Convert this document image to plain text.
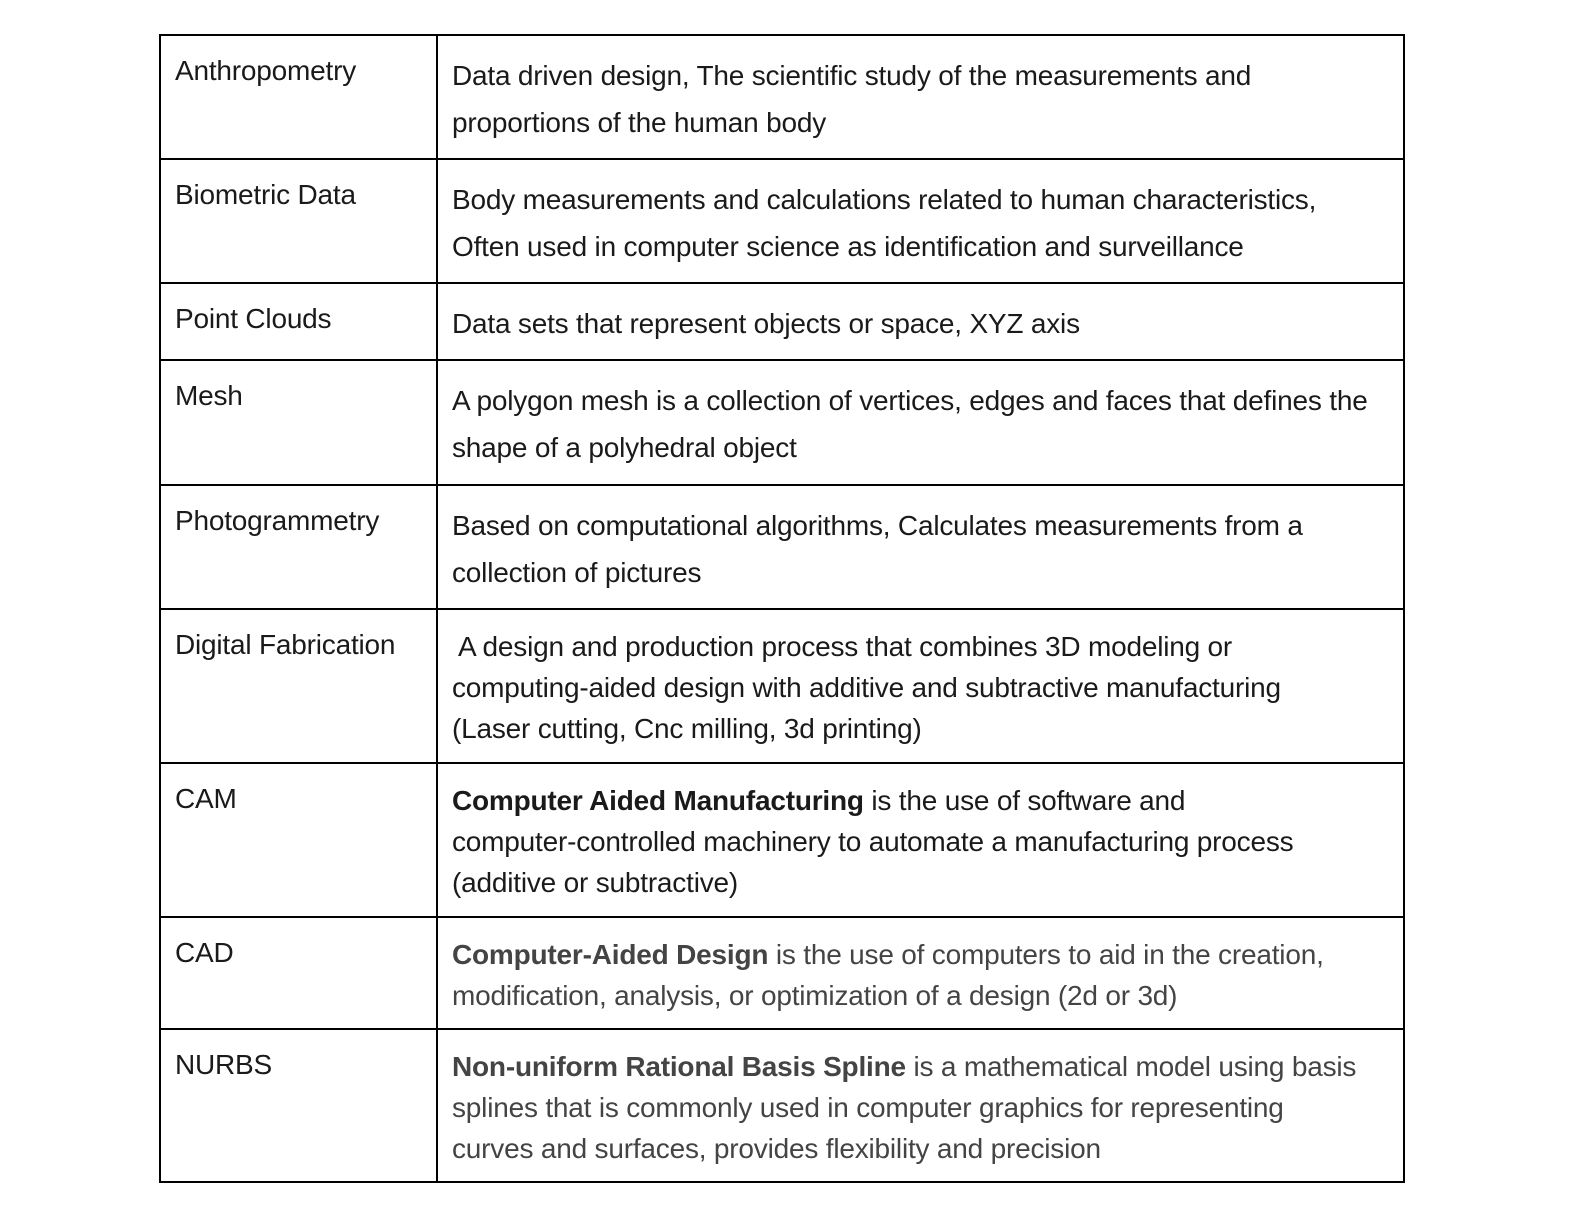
Anthropometry	Data driven design, The scientific study of the measurements and proportions of the human body

Biometric Data	Body measurements and calculations related to human characteristics,
Often used in computer science as identification and surveillance

Point Clouds	Data sets that represent objects or space, XYZ axis

Mesh	A polygon mesh is a collection of vertices, edges and faces that defines the shape of a polyhedral object

Photogrammetry	Based on computational algorithms, Calculates measurements from a collection of pictures

Digital Fabrication	A design and production process that combines 3D modeling or
computing-aided design with additive and subtractive manufacturing
(Laser cutting, Cnc milling, 3d printing)

CAM	Computer Aided Manufacturing is the use of software and
computer-controlled machinery to automate a manufacturing process
(additive or subtractive)

CAD	Computer-Aided Design is the use of computers to aid in the creation,
modification, analysis, or optimization of a design (2d or 3d)

NURBS	Non-uniform Rational Basis Spline is a mathematical model using basis
splines that is commonly used in computer graphics for representing
curves and surfaces, provides flexibility and precision
